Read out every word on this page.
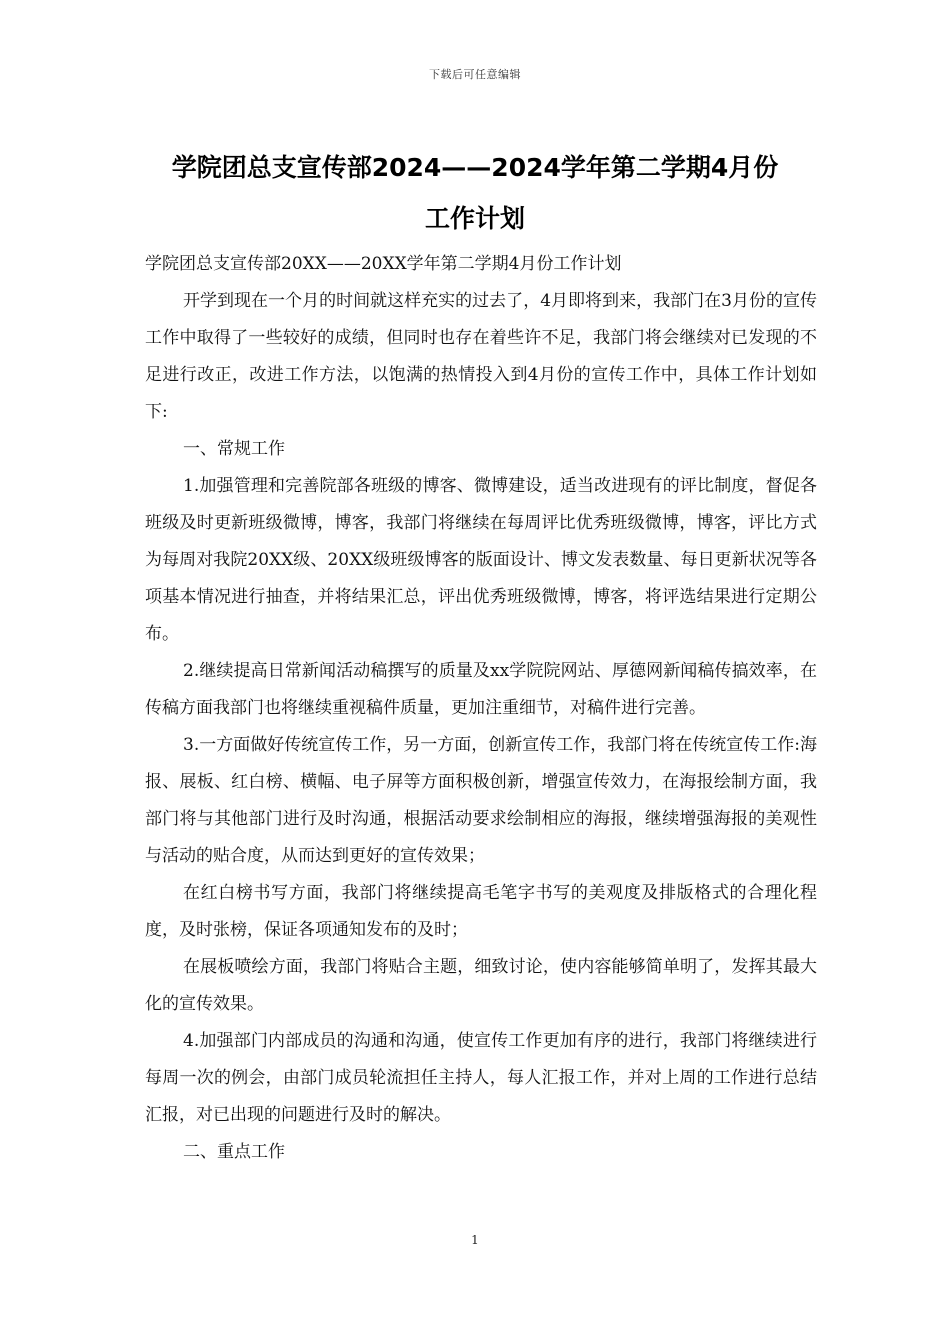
下载后可任意编辑
学院团总支宣传部2024——2024学年第二学期4月份
工作计划

学院团总支宣传部20XX——20XX学年第二学期4月份工作计划

开学到现在一个月的时间就这样充实的过去了，4月即将到来，我部门在3月份的宣传工作中取得了一些较好的成绩，但同时也存在着些许不足，我部门将会继续对已发现的不足进行改正，改进工作方法，以饱满的热情投入到4月份的宣传工作中，具体工作计划如下:

一、常规工作

1.加强管理和完善院部各班级的博客、微博建设，适当改进现有的评比制度，督促各班级及时更新班级微博，博客，我部门将继续在每周评比优秀班级微博，博客，评比方式为每周对我院20XX级、20XX级班级博客的版面设计、博文发表数量、每日更新状况等各项基本情况进行抽查，并将结果汇总，评出优秀班级微博，博客，将评选结果进行定期公布。

2.继续提高日常新闻活动稿撰写的质量及xx学院院网站、厚德网新闻稿传搞效率，在传稿方面我部门也将继续重视稿件质量，更加注重细节，对稿件进行完善。

3.一方面做好传统宣传工作，另一方面，创新宣传工作，我部门将在传统宣传工作:海报、展板、红白榜、横幅、电子屏等方面积极创新，增强宣传效力，在海报绘制方面，我部门将与其他部门进行及时沟通，根据活动要求绘制相应的海报，继续增强海报的美观性与活动的贴合度，从而达到更好的宣传效果；

在红白榜书写方面，我部门将继续提高毛笔字书写的美观度及排版格式的合理化程度，及时张榜，保证各项通知发布的及时；

在展板喷绘方面，我部门将贴合主题，细致讨论，使内容能够简单明了，发挥其最大化的宣传效果。

4.加强部门内部成员的沟通和沟通，使宣传工作更加有序的进行，我部门将继续进行每周一次的例会，由部门成员轮流担任主持人，每人汇报工作，并对上周的工作进行总结汇报，对已出现的问题进行及时的解决。

二、重点工作

1
